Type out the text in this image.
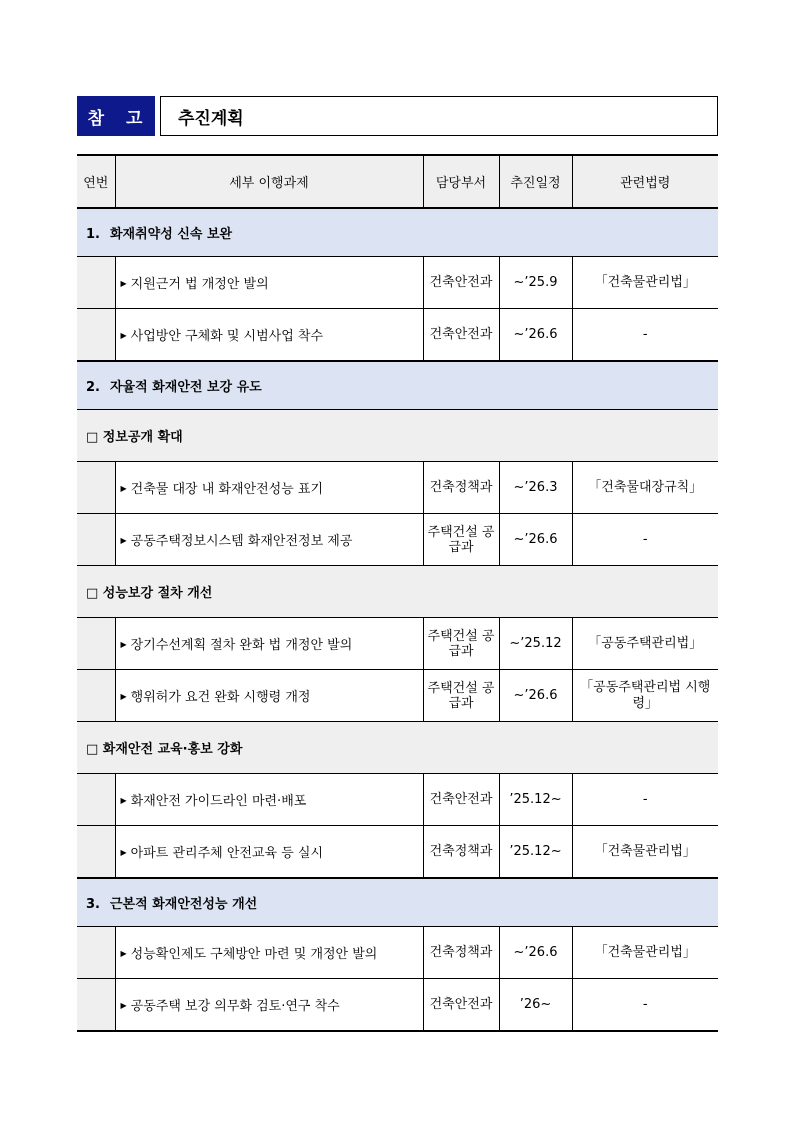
참 고	추진계획
연번	세부 이행과제	담당부서	추진일정	관련법령
1. 화재취약성 신속 보완				
	▶ 지원근거 법 개정안 발의	건축안전과	~’25.9	「건축물관리법」
	▶ 사업방안 구체화 및 시범사업 착수	건축안전과	~’26.6	-
2. 자율적 화재안전 보강 유도				
□ 정보공개 확대				
	▶ 건축물 대장 내 화재안전성능 표기	건축정책과	~’26.3	「건축물대장규칙」
	▶ 공동주택정보시스템 화재안전정보 제공	주택건설 공급과	~’26.6	-
□ 성능보강 절차 개선				
	▶ 장기수선계획 절차 완화 법 개정안 발의	주택건설 공급과	~’25.12	「공동주택관리법」
	▶ 행위허가 요건 완화 시행령 개정	주택건설 공급과	~’26.6	「공동주택관리법 시행령」
□ 화재안전 교육·홍보 강화				
	▶ 화재안전 가이드라인 마련·배포	건축안전과	’25.12~	-
	▶ 아파트 관리주체 안전교육 등 실시	건축정책과	’25.12~	「건축물관리법」
3. 근본적 화재안전성능 개선				
	▶ 성능확인제도 구체방안 마련 및 개정안 발의	건축정책과	~’26.6	「건축물관리법」
	▶ 공동주택 보강 의무화 검토·연구 착수	건축안전과	’26~	-
